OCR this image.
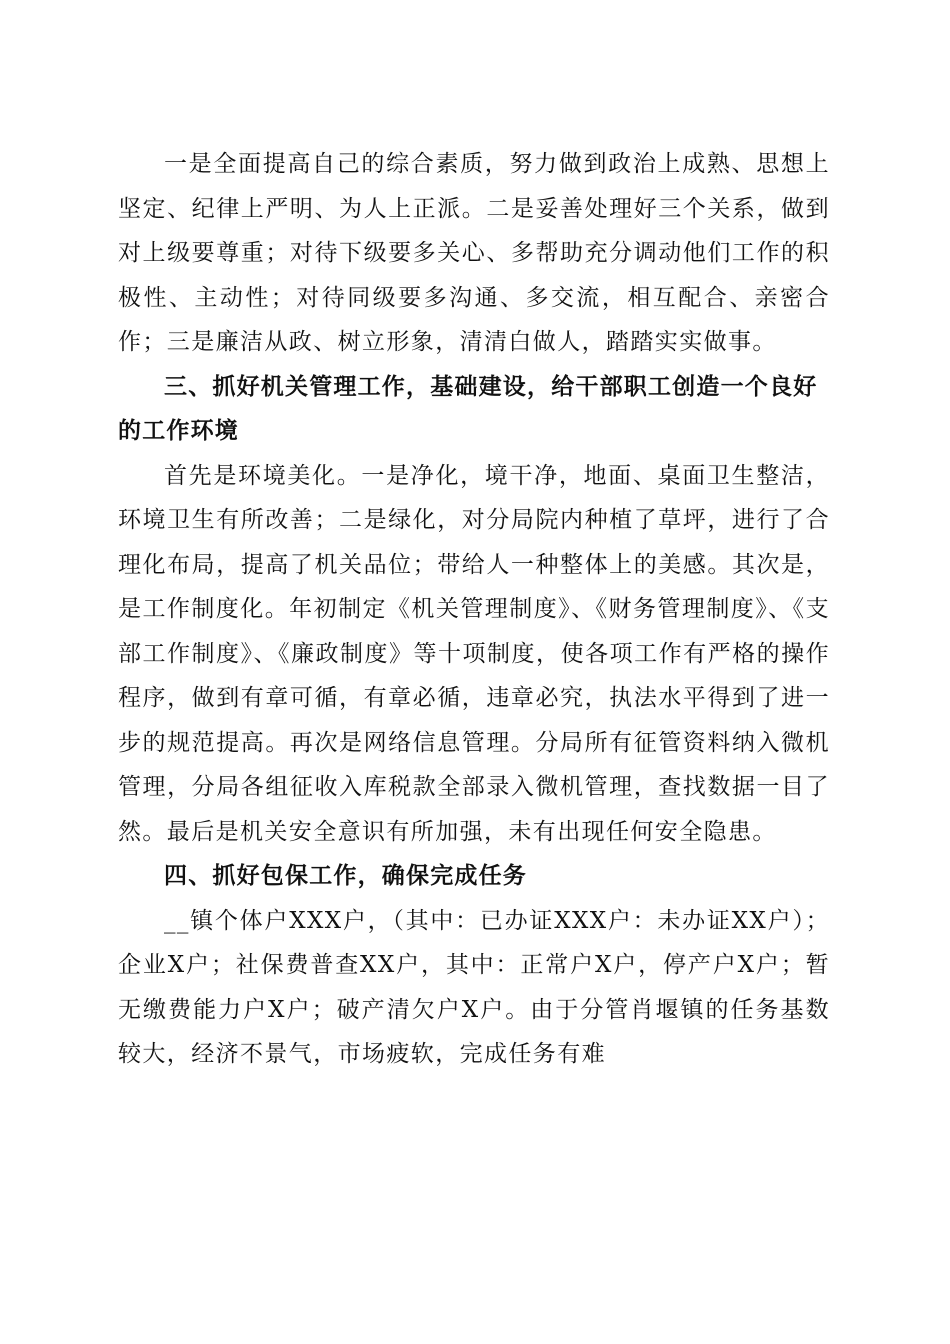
一是全面提高自己的综合素质，努力做到政治上成熟、思想上坚定、纪律上严明、为人上正派。二是妥善处理好三个关系，做到对上级要尊重；对待下级要多关心、多帮助充分调动他们工作的积极性、主动性；对待同级要多沟通、多交流，相互配合、亲密合作；三是廉洁从政、树立形象，清清白做人，踏踏实实做事。

三、抓好机关管理工作，基础建设，给干部职工创造一个良好的工作环境

首先是环境美化。一是净化，境干净，地面、桌面卫生整洁，环境卫生有所改善；二是绿化，对分局院内种植了草坪，进行了合理化布局，提高了机关品位；带给人一种整体上的美感。其次是，是工作制度化。年初制定《机关管理制度》、《财务管理制度》、《支部工作制度》、《廉政制度》等十项制度，使各项工作有严格的操作程序，做到有章可循，有章必循，违章必究，执法水平得到了进一步的规范提高。再次是网络信息管理。分局所有征管资料纳入微机管理，分局各组征收入库税款全部录入微机管理，查找数据一目了然。最后是机关安全意识有所加强，未有出现任何安全隐患。

四、抓好包保工作，确保完成任务

__镇个体户XXX户，（其中：已办证XXX户：未办证XX户）；企业X户；社保费普查XX户，其中：正常户X户，停产户X户；暂无缴费能力户X户；破产清欠户X户。由于分管肖堰镇的任务基数较大，经济不景气，市场疲软，完成任务有难
